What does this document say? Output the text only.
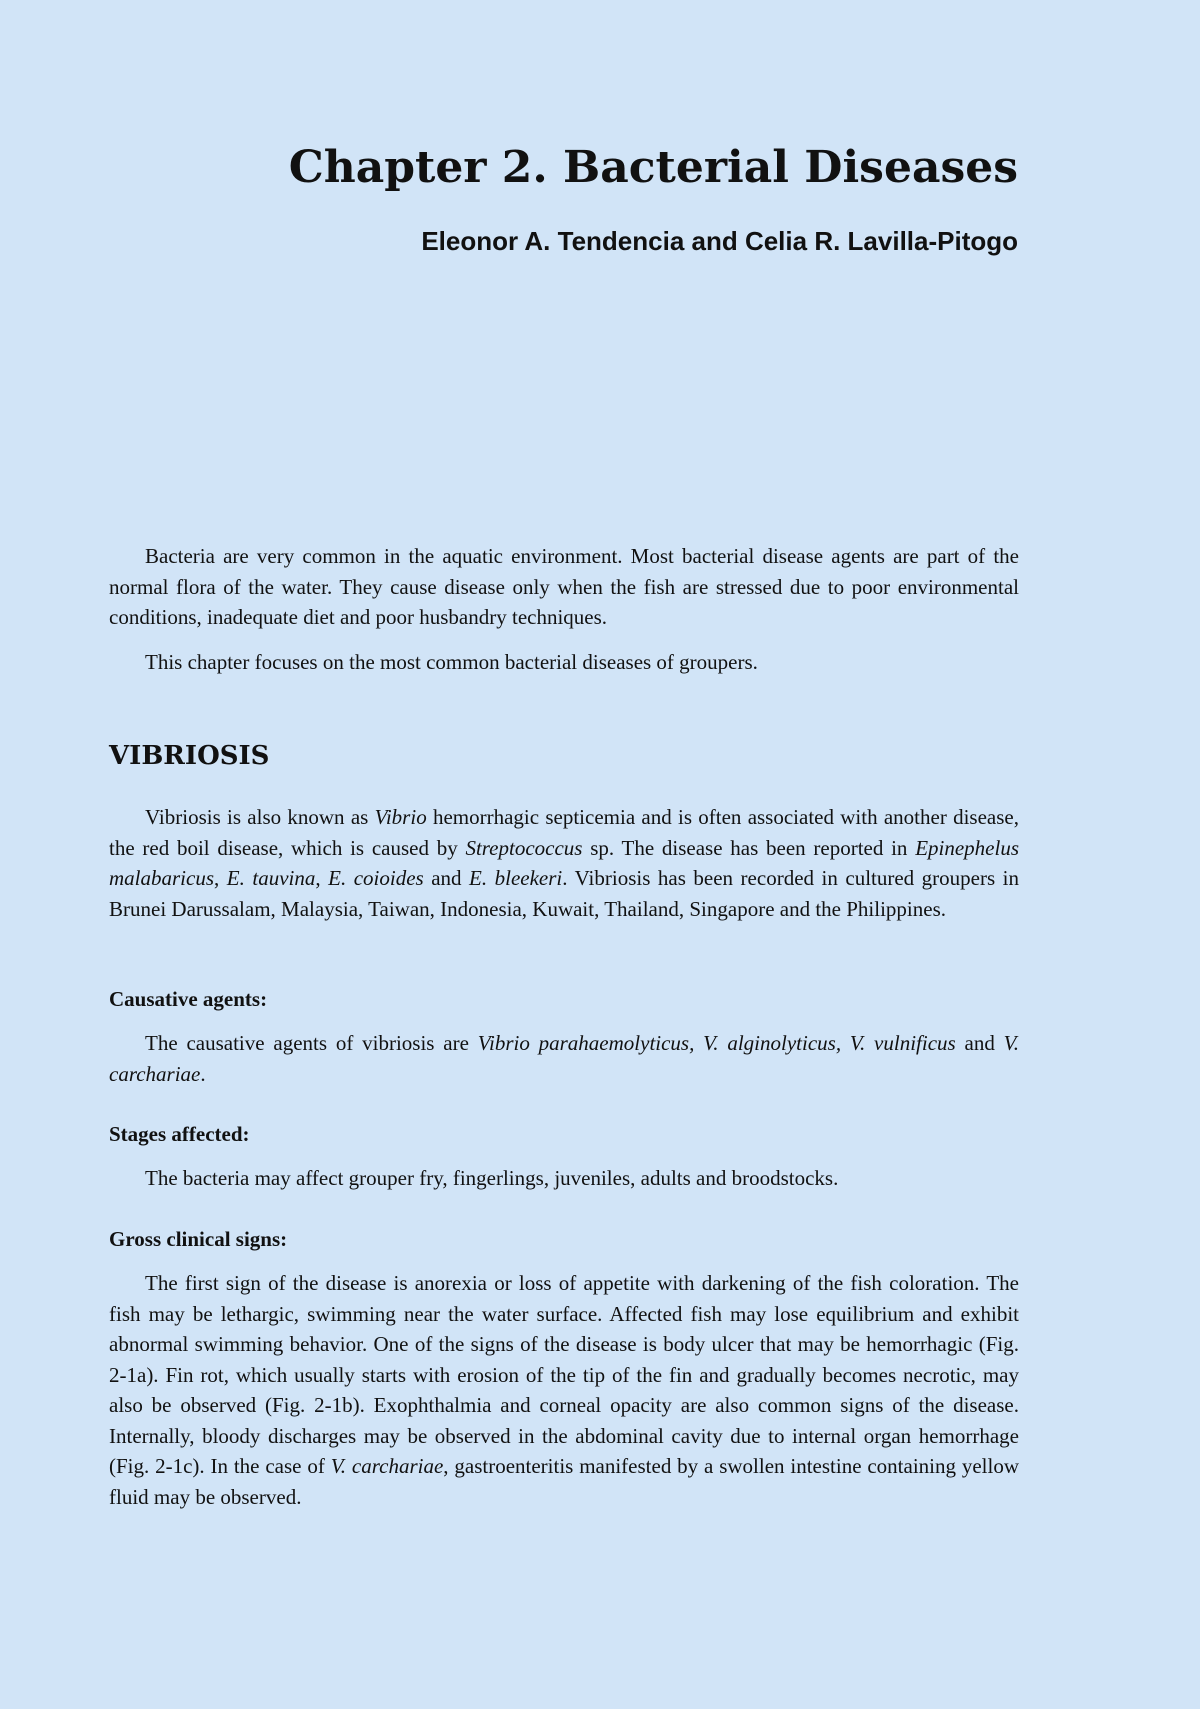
Chapter 2. Bacterial Diseases
Eleonor A. Tendencia and Celia R. Lavilla-Pitogo

Bacteria are very common in the aquatic environment. Most bacterial disease agents are part of the normal flora of the water. They cause disease only when the fish are stressed due to poor environmental conditions, inadequate diet and poor husbandry techniques.

This chapter focuses on the most common bacterial diseases of groupers.

VIBRIOSIS

Vibriosis is also known as Vibrio hemorrhagic septicemia and is often associated with another disease, the red boil disease, which is caused by Streptococcus sp. The disease has been reported in Epinephelus malabaricus, E. tauvina, E. coioides and E. bleekeri. Vibriosis has been recorded in cultured groupers in Brunei Darussalam, Malaysia, Taiwan, Indonesia, Kuwait, Thailand, Singapore and the Philippines.

Causative agents:

The causative agents of vibriosis are Vibrio parahaemolyticus, V. alginolyticus, V. vulnificus and V. carchariae.

Stages affected:

The bacteria may affect grouper fry, fingerlings, juveniles, adults and broodstocks.

Gross clinical signs:

The first sign of the disease is anorexia or loss of appetite with darkening of the fish coloration. The fish may be lethargic, swimming near the water surface. Affected fish may lose equilibrium and exhibit abnormal swimming behavior. One of the signs of the disease is body ulcer that may be hemorrhagic (Fig. 2-1a). Fin rot, which usually starts with erosion of the tip of the fin and gradually becomes necrotic, may also be observed (Fig. 2-1b). Exophthalmia and corneal opacity are also common signs of the disease. Internally, bloody discharges may be observed in the abdominal cavity due to internal organ hemorrhage (Fig. 2-1c). In the case of V. carchariae, gastroenteritis manifested by a swollen intestine containing yellow fluid may be observed.
